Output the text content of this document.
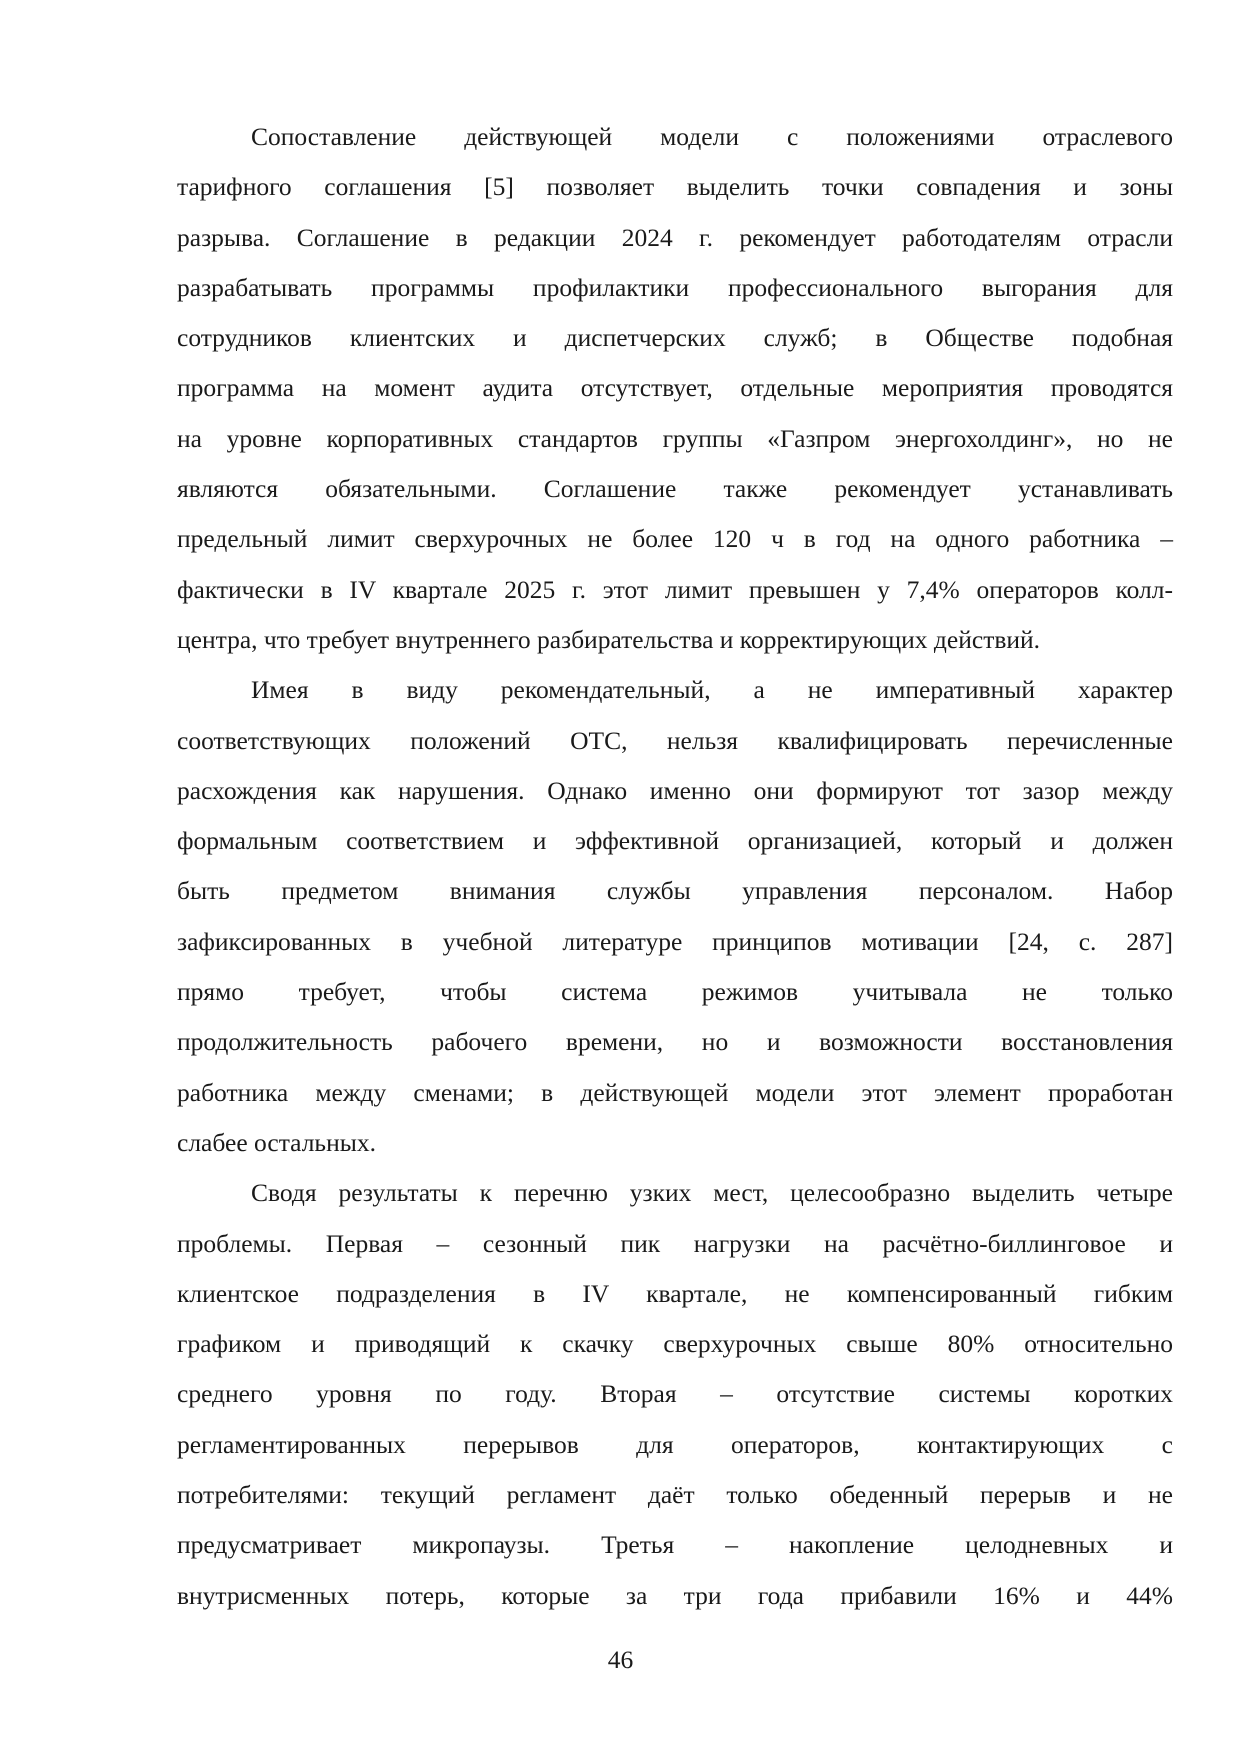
Сопоставление действующей модели с положениями отраслевого
тарифного соглашения [5] позволяет выделить точки совпадения и зоны
разрыва. Соглашение в редакции 2024 г. рекомендует работодателям отрасли
разрабатывать программы профилактики профессионального выгорания для
сотрудников клиентских и диспетчерских служб; в Обществе подобная
программа на момент аудита отсутствует, отдельные мероприятия проводятся
на уровне корпоративных стандартов группы «Газпром энергохолдинг», но не
являются обязательными. Соглашение также рекомендует устанавливать
предельный лимит сверхурочных не более 120 ч в год на одного работника –
фактически в IV квартале 2025 г. этот лимит превышен у 7,4% операторов колл-
центра, что требует внутреннего разбирательства и корректирующих действий.
Имея в виду рекомендательный, а не императивный характер
соответствующих положений ОТС, нельзя квалифицировать перечисленные
расхождения как нарушения. Однако именно они формируют тот зазор между
формальным соответствием и эффективной организацией, который и должен
быть предметом внимания службы управления персоналом. Набор
зафиксированных в учебной литературе принципов мотивации [24, с. 287]
прямо требует, чтобы система режимов учитывала не только
продолжительность рабочего времени, но и возможности восстановления
работника между сменами; в действующей модели этот элемент проработан
слабее остальных.
Сводя результаты к перечню узких мест, целесообразно выделить четыре
проблемы. Первая – сезонный пик нагрузки на расчётно-биллинговое и
клиентское подразделения в IV квартале, не компенсированный гибким
графиком и приводящий к скачку сверхурочных свыше 80% относительно
среднего уровня по году. Вторая – отсутствие системы коротких
регламентированных перерывов для операторов, контактирующих с
потребителями: текущий регламент даёт только обеденный перерыв и не
предусматривает микропаузы. Третья – накопление целодневных и
внутрисменных потерь, которые за три года прибавили 16% и 44%
46
